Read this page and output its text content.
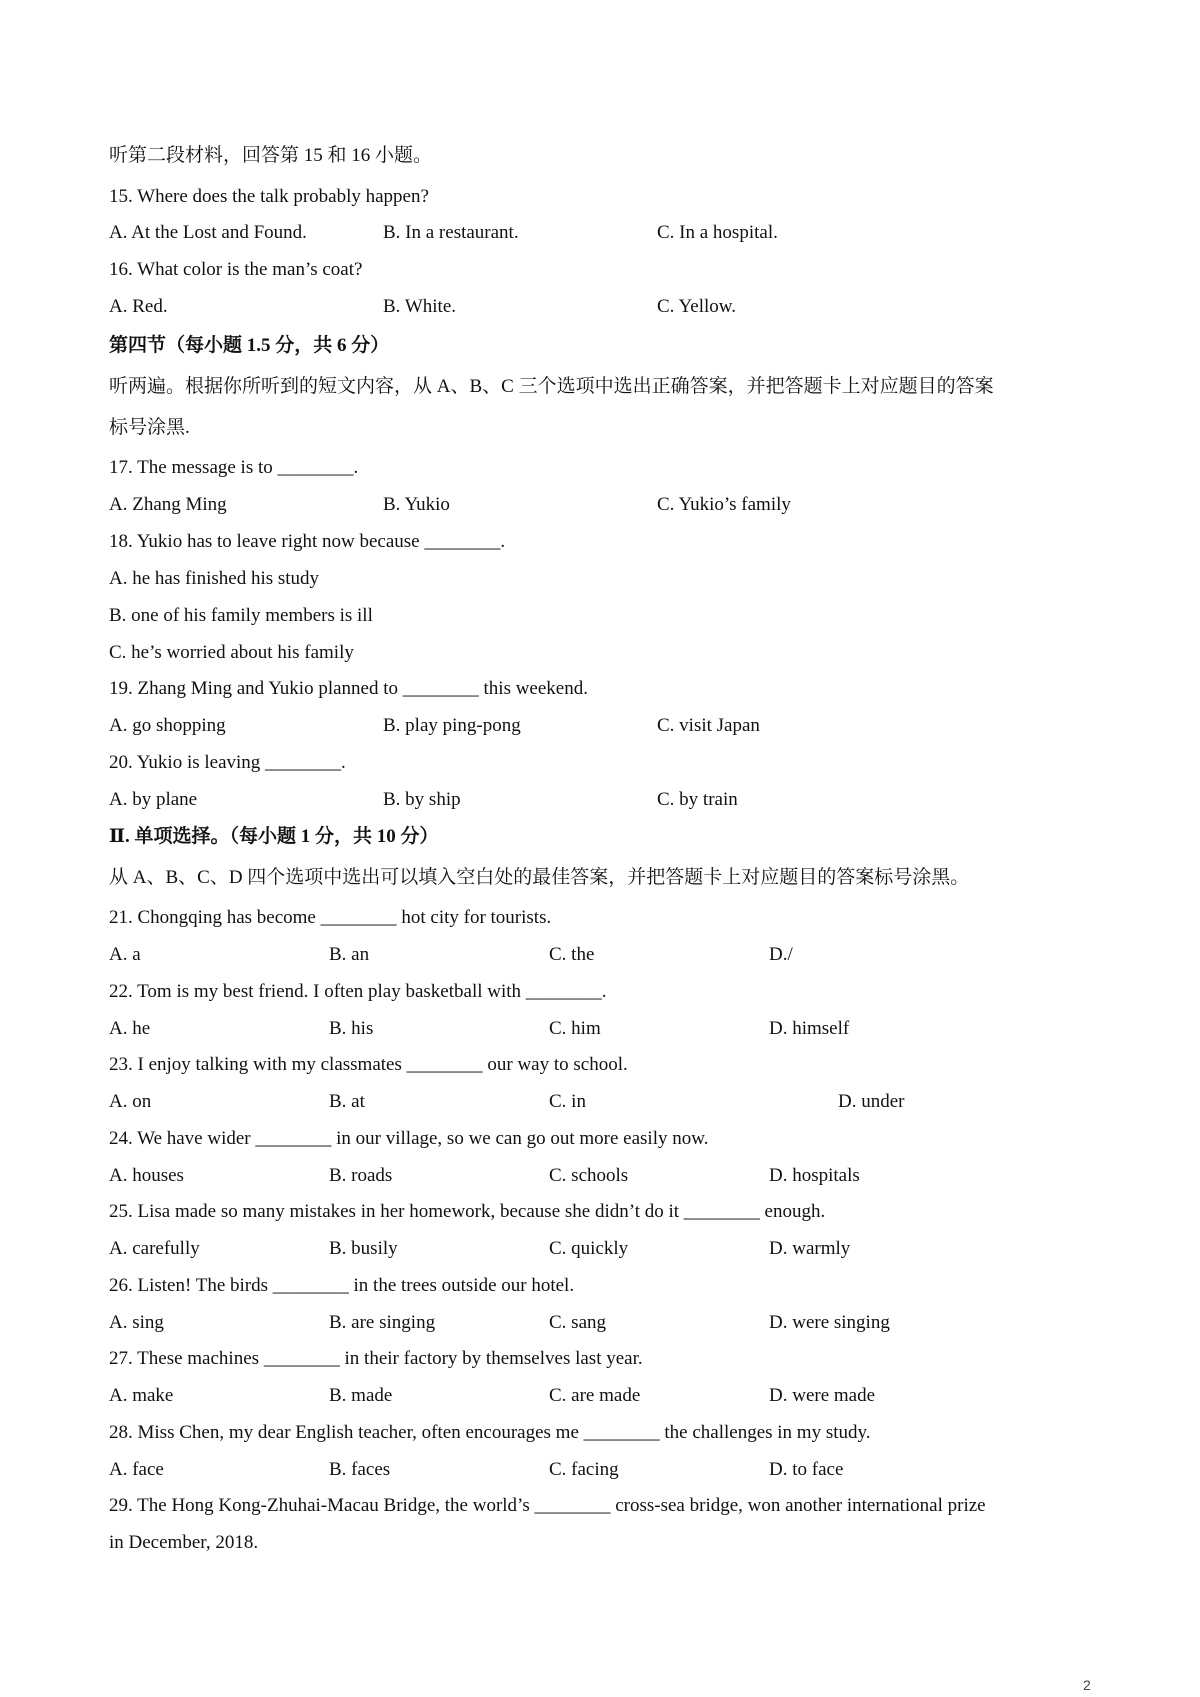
听第二段材料，回答第 15 和 16 小题。
15. Where does the talk probably happen?
A. At the Lost and Found.	B. In a restaurant.	C. In a hospital.
16. What color is the man’s coat?
A. Red.	B. White.	C. Yellow.
第四节（每小题 1.5 分，共 6 分）
听两遍。根据你所听到的短文内容，从 A、B、C 三个选项中选出正确答案，并把答题卡上对应题目的答案
标号涂黑.
17. The message is to ________.
A. Zhang Ming	B. Yukio	C. Yukio’s family
18. Yukio has to leave right now because ________.
A. he has finished his study
B. one of his family members is ill
C. he’s worried about his family
19. Zhang Ming and Yukio planned to ________ this weekend.
A. go shopping	B. play ping-pong	C. visit Japan
20. Yukio is leaving ________.
A. by plane	B. by ship	C. by train
Ⅱ. 单项选择。（每小题 1 分，共 10 分）
从 A、B、C、D 四个选项中选出可以填入空白处的最佳答案，并把答题卡上对应题目的答案标号涂黑。
21. Chongqing has become ________ hot city for tourists.
A. a	B. an	C. the	D./
22. Tom is my best friend. I often play basketball with ________.
A. he	B. his	C. him	D. himself
23. I enjoy talking with my classmates ________ our way to school.
A. on	B. at	C. in	D. under
24. We have wider ________ in our village, so we can go out more easily now.
A. houses	B. roads	C. schools	D. hospitals
25. Lisa made so many mistakes in her homework, because she didn’t do it ________ enough.
A. carefully	B. busily	C. quickly	D. warmly
26. Listen! The birds ________ in the trees outside our hotel.
A. sing	B. are singing	C. sang	D. were singing
27. These machines ________ in their factory by themselves last year.
A. make	B. made	C. are made	D. were made
28. Miss Chen, my dear English teacher, often encourages me ________ the challenges in my study.
A. face	B. faces	C. facing	D. to face
29. The Hong Kong-Zhuhai-Macau Bridge, the world’s ________ cross-sea bridge, won another international prize
in December, 2018.
2
